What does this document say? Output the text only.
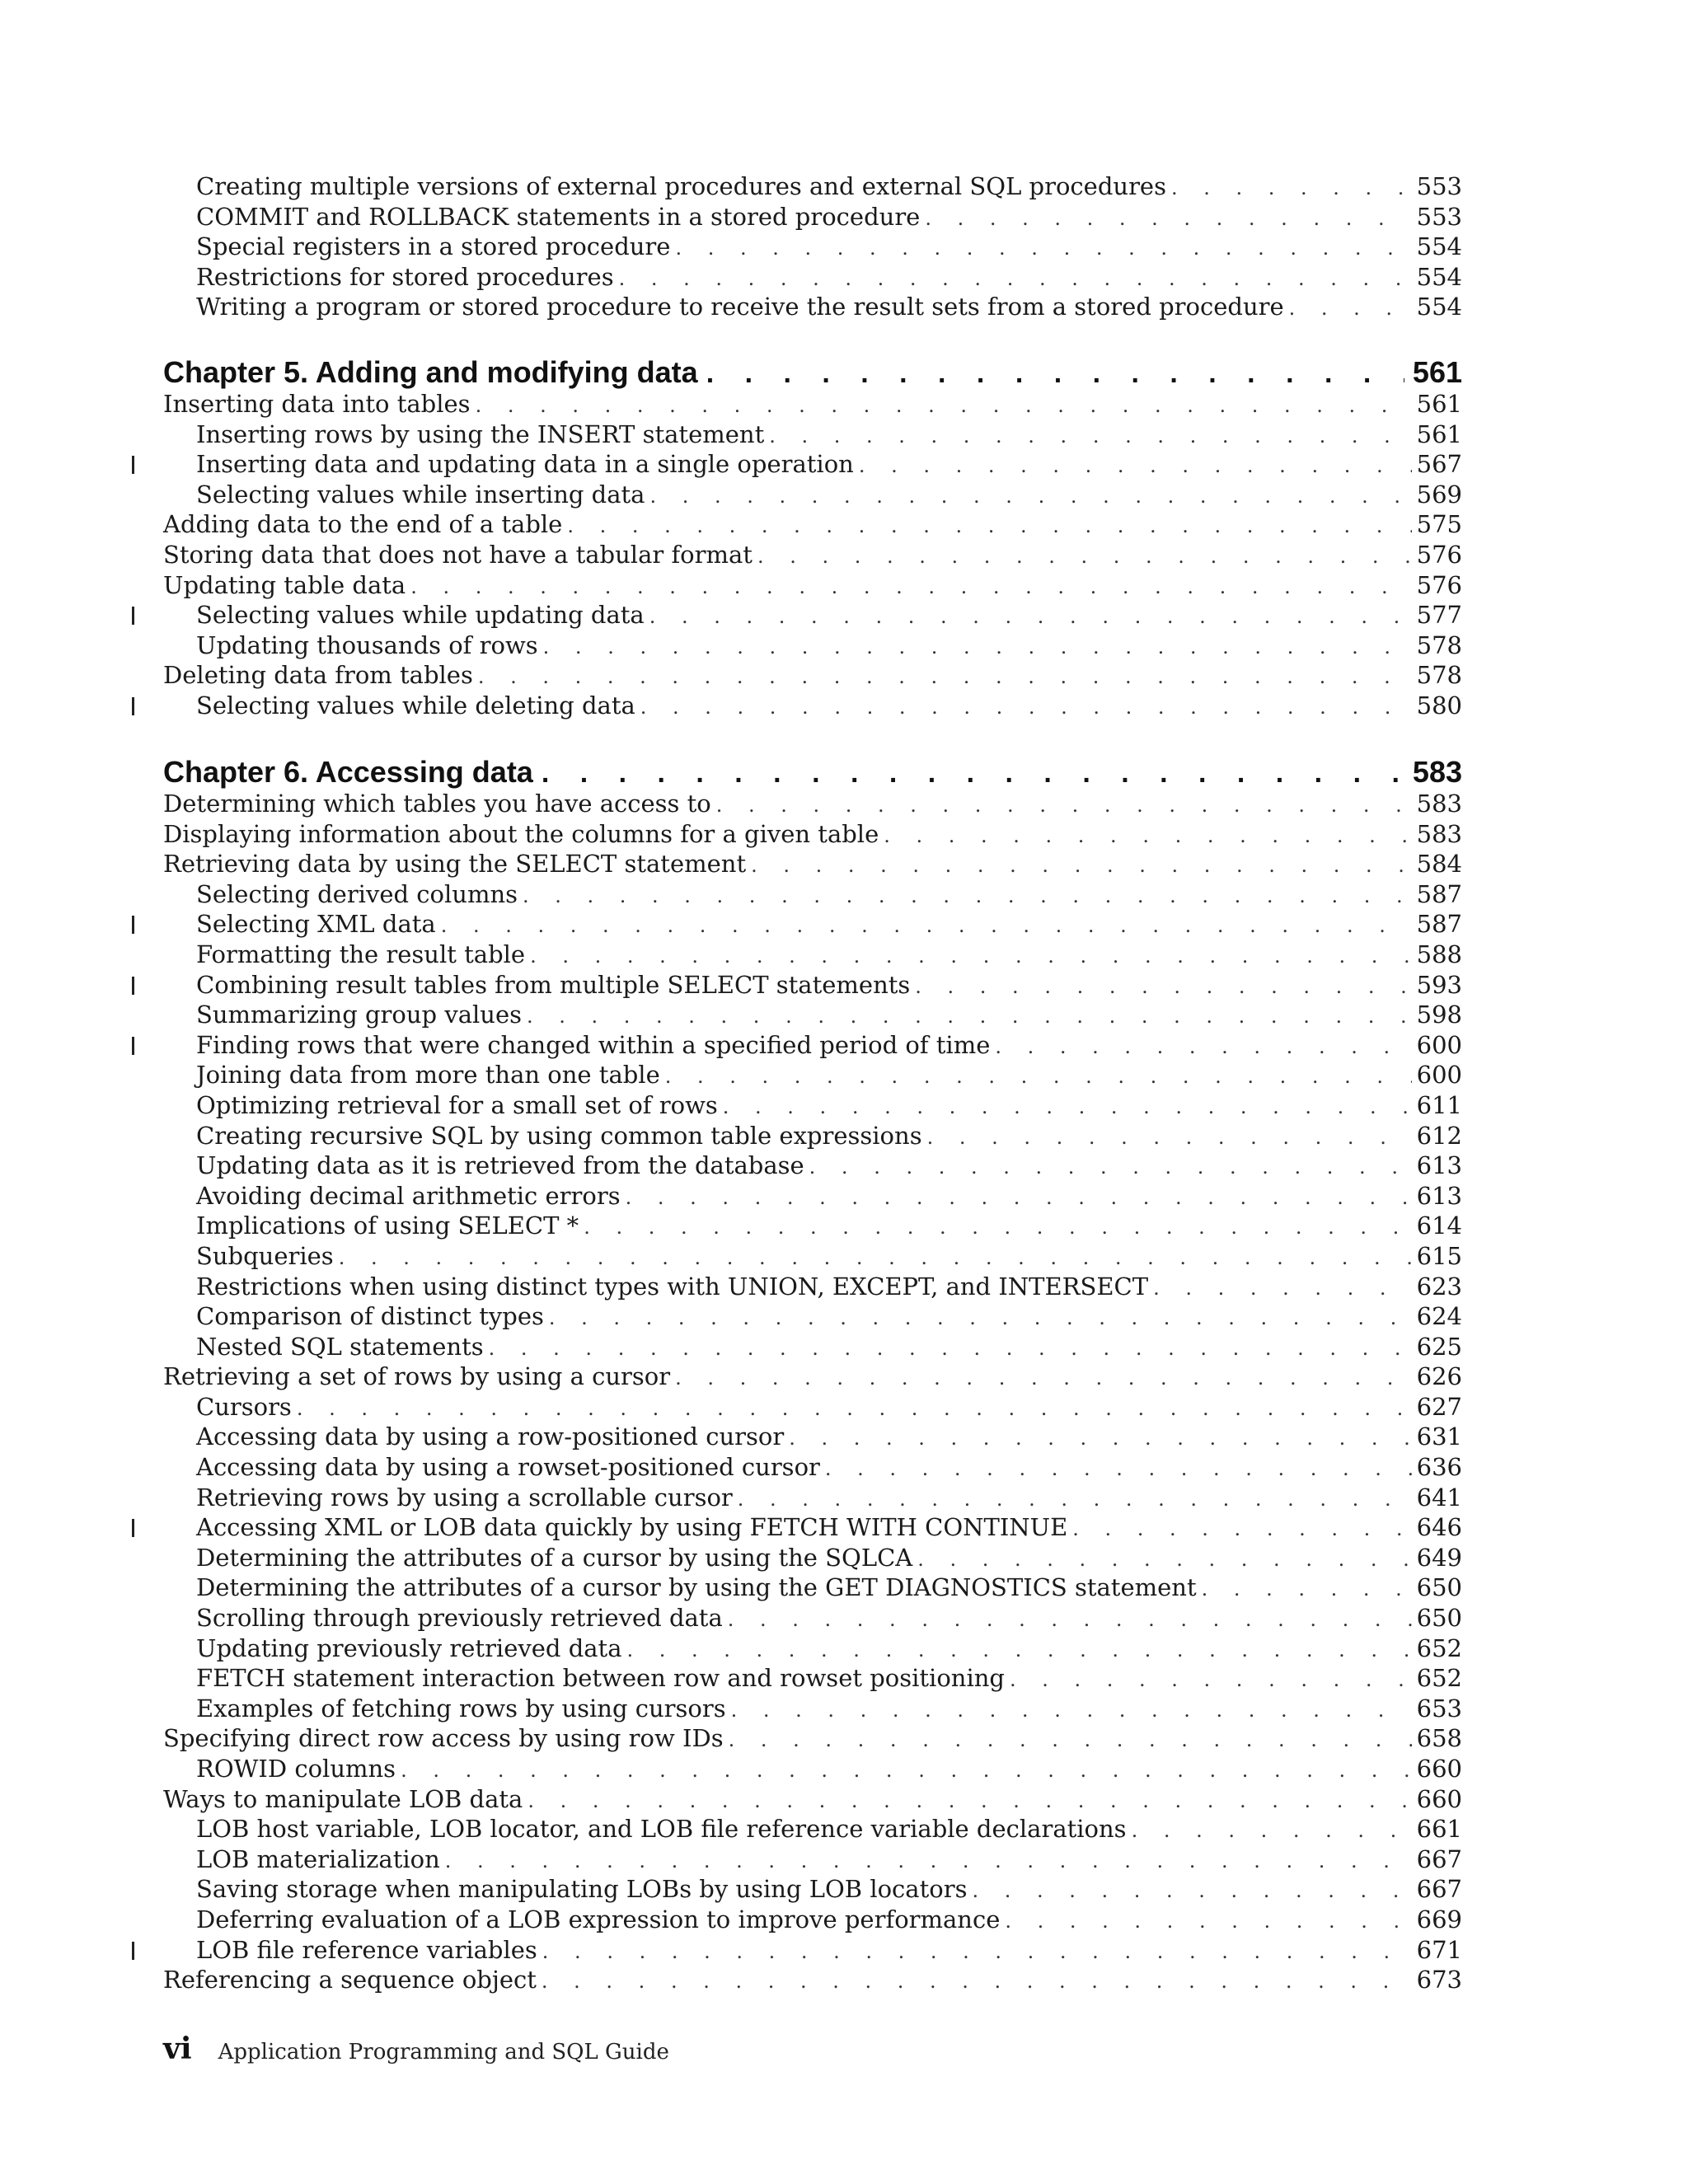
Creating multiple versions of external procedures and external SQL procedures . . .	553
COMMIT and ROLLBACK statements in a stored procedure . . .	553
Special registers in a stored procedure . . .	554
Restrictions for stored procedures . . .	554
Writing a program or stored procedure to receive the result sets from a stored procedure . . .	554
Chapter 5. Adding and modifying data . . .	561
Inserting data into tables . . .	561
Inserting rows by using the INSERT statement . . .	561
Inserting data and updating data in a single operation . . .	567
Selecting values while inserting data . . .	569
Adding data to the end of a table . . .	575
Storing data that does not have a tabular format . . .	576
Updating table data . . .	576
Selecting values while updating data . . .	577
Updating thousands of rows . . .	578
Deleting data from tables . . .	578
Selecting values while deleting data . . .	580
Chapter 6. Accessing data . . .	583
Determining which tables you have access to . . .	583
Displaying information about the columns for a given table . . .	583
Retrieving data by using the SELECT statement . . .	584
Selecting derived columns . . .	587
Selecting XML data . . .	587
Formatting the result table . . .	588
Combining result tables from multiple SELECT statements . . .	593
Summarizing group values . . .	598
Finding rows that were changed within a specified period of time . . .	600
Joining data from more than one table . . .	600
Optimizing retrieval for a small set of rows . . .	611
Creating recursive SQL by using common table expressions . . .	612
Updating data as it is retrieved from the database . . .	613
Avoiding decimal arithmetic errors . . .	613
Implications of using SELECT * . . .	614
Subqueries . . .	615
Restrictions when using distinct types with UNION, EXCEPT, and INTERSECT . . .	623
Comparison of distinct types . . .	624
Nested SQL statements . . .	625
Retrieving a set of rows by using a cursor . . .	626
Cursors . . .	627
Accessing data by using a row-positioned cursor . . .	631
Accessing data by using a rowset-positioned cursor . . .	636
Retrieving rows by using a scrollable cursor . . .	641
Accessing XML or LOB data quickly by using FETCH WITH CONTINUE . . .	646
Determining the attributes of a cursor by using the SQLCA . . .	649
Determining the attributes of a cursor by using the GET DIAGNOSTICS statement . . .	650
Scrolling through previously retrieved data . . .	650
Updating previously retrieved data . . .	652
FETCH statement interaction between row and rowset positioning . . .	652
Examples of fetching rows by using cursors . . .	653
Specifying direct row access by using row IDs . . .	658
ROWID columns . . .	660
Ways to manipulate LOB data . . .	660
LOB host variable, LOB locator, and LOB file reference variable declarations . . .	661
LOB materialization . . .	667
Saving storage when manipulating LOBs by using LOB locators . . .	667
Deferring evaluation of a LOB expression to improve performance . . .	669
LOB file reference variables . . .	671
Referencing a sequence object . . .	673
vi Application Programming and SQL Guide
